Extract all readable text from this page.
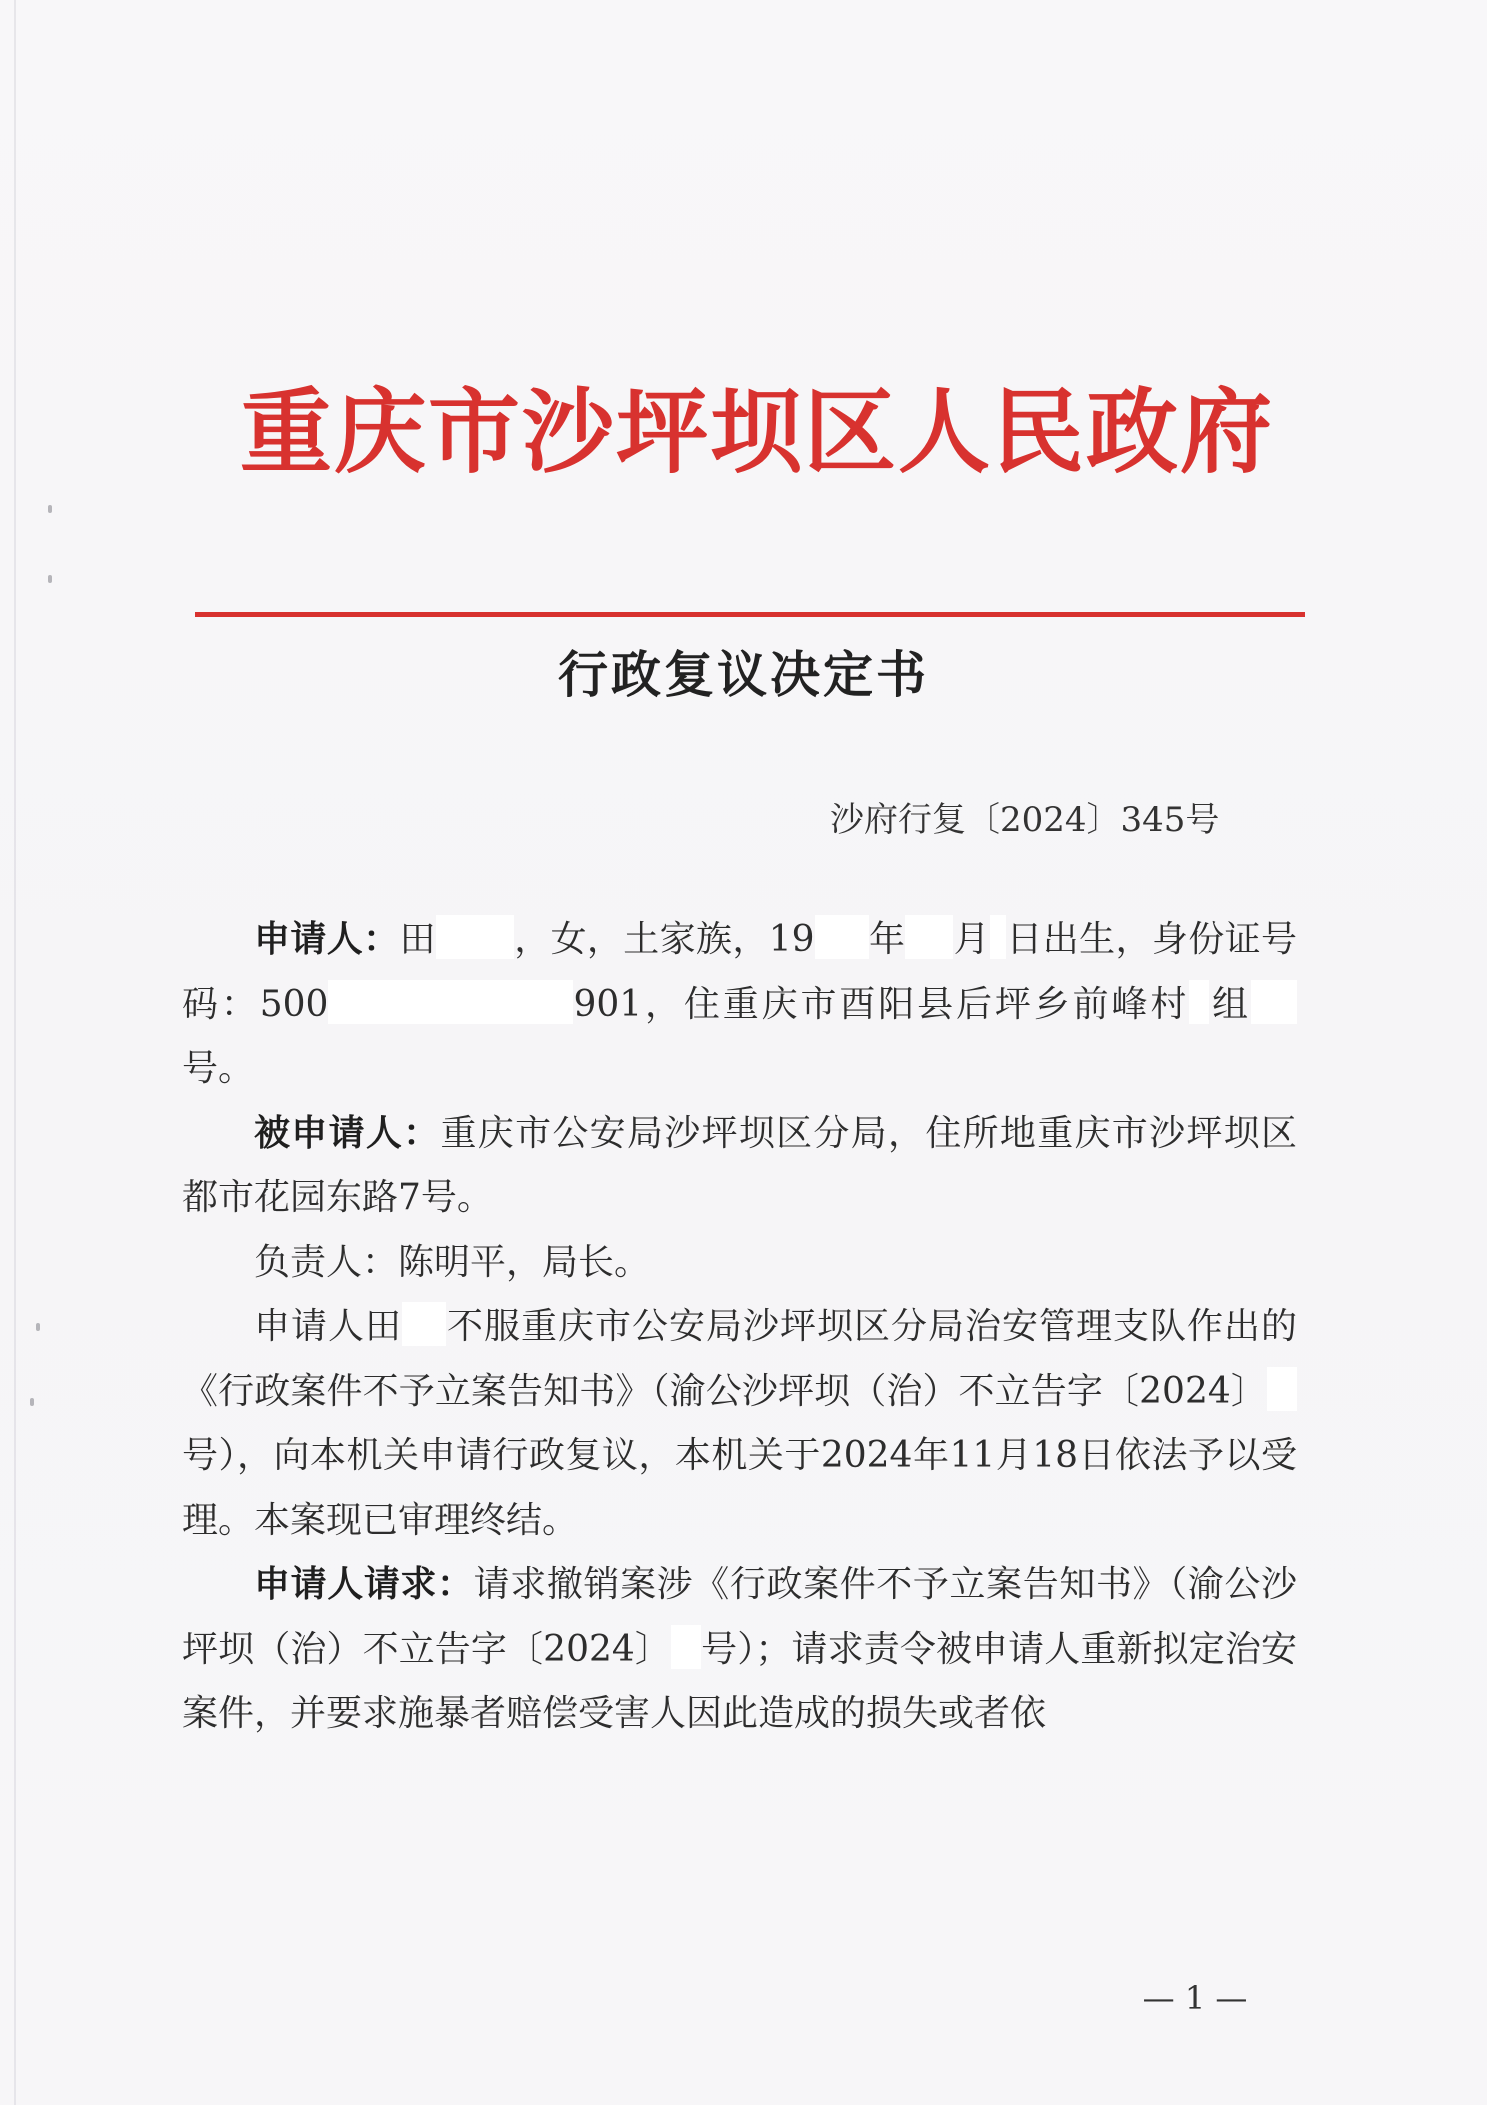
重庆市沙坪坝区人民政府
行政复议决定书
沙府行复〔2024〕345号

申请人：田 ，女，土家族，19 年 月 日出生，身份证号码：500	901，住重庆市酉阳县后坪乡前峰村 组号。

被申请人：重庆市公安局沙坪坝区分局，住所地重庆市沙坪坝区都市花园东路7号。

负责人：陈明平，局长。

申请人田 不服重庆市公安局沙坪坝区分局治安管理支队作出的《行政案件不予立案告知书》（渝公沙坪坝（治）不立告字〔2024〕号），向本机关申请行政复议，本机关于2024年11月18日依法予以受理。本案现已审理终结。

申请人请求：请求撤销案涉《行政案件不予立案告知书》（渝公沙坪坝（治）不立告字〔2024〕 号）；请求责令被申请人重新拟定治安案件，并要求施暴者赔偿受害人因此造成的损失或者依

— 1 —
